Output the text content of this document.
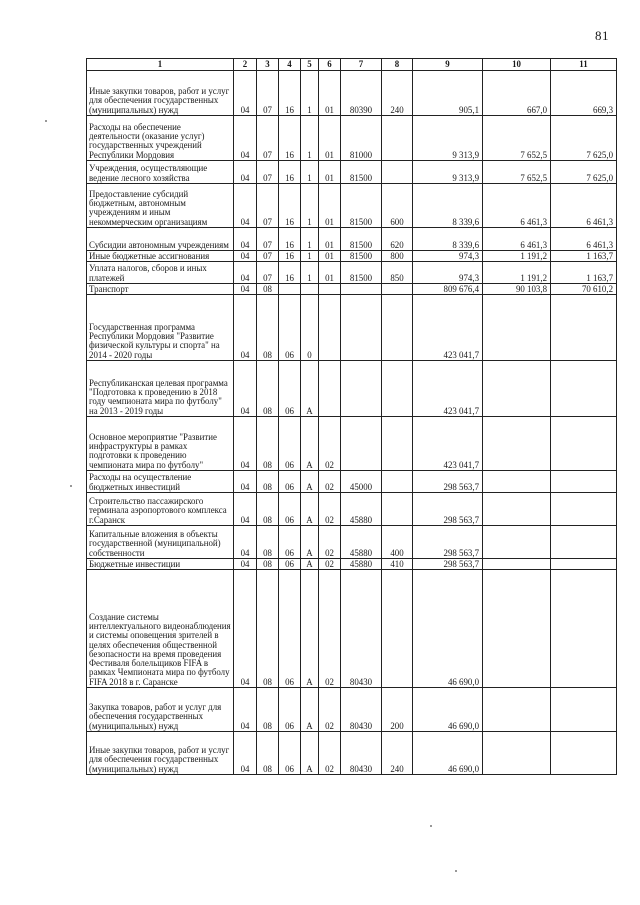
81
1	2	3	4	5	6	7	8	9	10	11
Иные закупки товаров, работ и услуг для обеспечения государственных (муниципальных) нужд	04	07	16	1	01	80390	240	905,1	667,0	669,3
Расходы на обеспечение деятельности (оказание услуг) государственных учреждений Республики Мордовия	04	07	16	1	01	81000		9 313,9	7 652,5	7 625,0
Учреждения, осуществляющие ведение лесного хозяйства	04	07	16	1	01	81500		9 313,9	7 652,5	7 625,0
Предоставление субсидий бюджетным, автономным учреждениям и иным некоммерческим организациям	04	07	16	1	01	81500	600	8 339,6	6 461,3	6 461,3
Субсидии автономным учреждениям	04	07	16	1	01	81500	620	8 339,6	6 461,3	6 461,3
Иные бюджетные ассигнования	04	07	16	1	01	81500	800	974,3	1 191,2	1 163,7
Уплата налогов, сборов и иных платежей	04	07	16	1	01	81500	850	974,3	1 191,2	1 163,7
Транспорт	04	08						809 676,4	90 103,8	70 610,2
Государственная программа Республики Мордовия "Развитие физической культуры и спорта" на 2014 - 2020 годы	04	08	06	0				423 041,7		
Республиканская целевая программа "Подготовка к проведению в 2018 году чемпионата мира по футболу" на 2013 - 2019 годы	04	08	06	А				423 041,7		
Основное мероприятие "Развитие инфраструктуры в рамках подготовки к проведению чемпионата мира по футболу"	04	08	06	А	02			423 041,7		
Расходы на осуществление бюджетных инвестиций	04	08	06	А	02	45000		298 563,7		
Строительство пассажирского терминала аэропортового комплекса г.Саранск	04	08	06	А	02	45880		298 563,7		
Капитальные вложения в объекты государственной (муниципальной) собственности	04	08	06	А	02	45880	400	298 563,7		
Бюджетные инвестиции	04	08	06	А	02	45880	410	298 563,7		
Создание системы интеллектуального видеонаблюдения и системы оповещения зрителей в целях обеспечения общественной безопасности на время проведения Фестиваля болельщиков FIFA в рамках Чемпионата мира по футболу FIFA 2018 в г. Саранске	04	08	06	А	02	80430		46 690,0		
Закупка товаров, работ и услуг для обеспечения государственных (муниципальных) нужд	04	08	06	А	02	80430	200	46 690,0		
Иные закупки товаров, работ и услуг для обеспечения государственных (муниципальных) нужд	04	08	06	А	02	80430	240	46 690,0		
